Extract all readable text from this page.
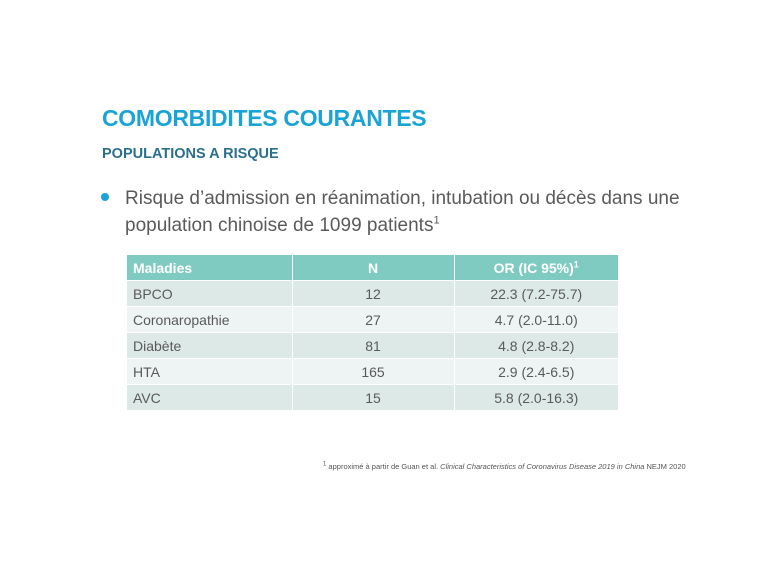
COMORBIDITES COURANTES
POPULATIONS A RISQUE
Risque d’admission en réanimation, intubation ou décès dans une population chinoise de 1099 patients$^1$
Maladies	N	OR (IC 95%)$^1$
BPCO	12	22.3 (7.2-75.7)
Coronaropathie	27	4.7 (2.0-11.0)
Diabète	81	4.8 (2.8-8.2)
HTA	165	2.9 (2.4-6.5)
AVC	15	5.8 (2.0-16.3)
$^1$ approximé à partir de Guan et al. Clinical Characteristics of Coronavirus Disease 2019 in China NEJM 2020
